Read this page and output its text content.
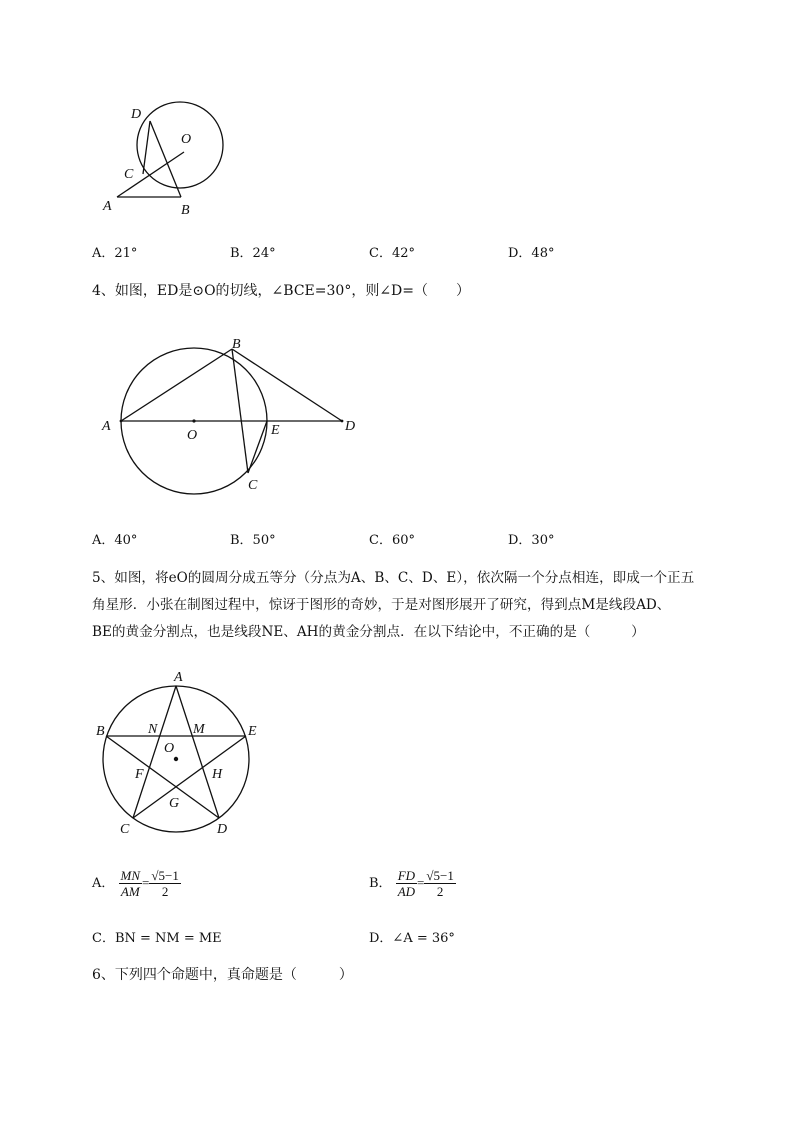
D
O
C
A	B
A．21°	B．24°	C．42°	D．48°
4、如图，ED是⊙O的切线，∠BCE=30°，则∠D=（　　）
A
B
C
D
E
O
A．40°	B．50°	C．60°	D．30°
5、如图，将eO的圆周分成五等分（分点为A、B、C、D、E），依次隔一个分点相连，即成一个正五
角星形．小张在制图过程中，惊讶于图形的奇妙，于是对图形展开了研究，得到点M是线段AD、
BE的黄金分割点，也是线段NE、AH的黄金分割点．在以下结论中，不正确的是（　　　）
A
B	E
N	M
O
F	H
G
C	D
A． $\frac{MN}{AM} = \frac{√5-1}{2}$	B． $\frac{FD}{AD} = \frac{√5-1}{2}$
C．BN = NM = ME	D．∠A = 36°
6、下列四个命题中，真命题是（　　　）
